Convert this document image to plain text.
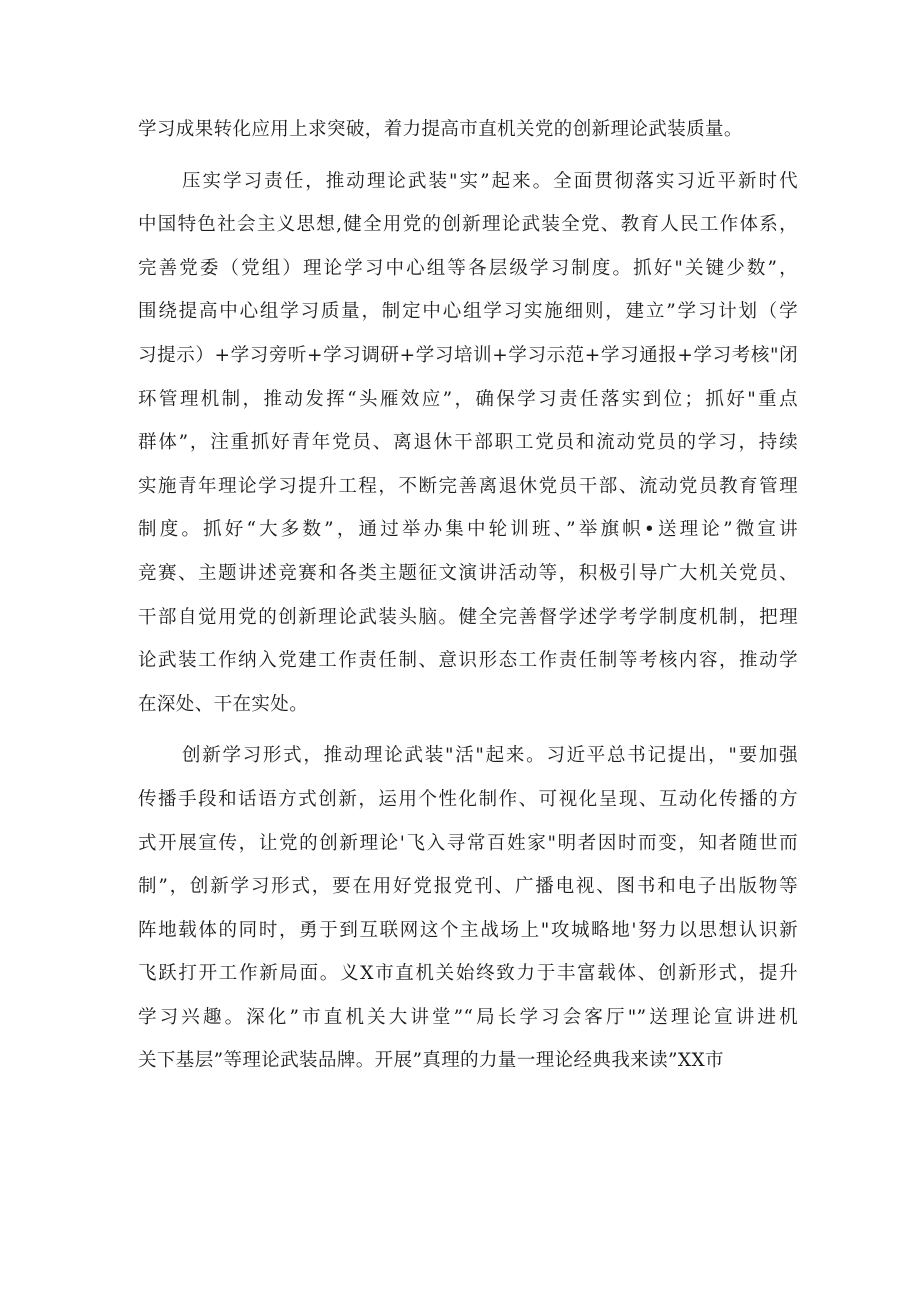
学习成果转化应用上求突破，着力提高市直机关党的创新理论武装质量。
压实学习责任，推动理论武装"实”起来。全面贯彻落实习近平新时代
中国特色社会主义思想,健全用党的创新理论武装全党、教育人民工作体系，
完善党委（党组）理论学习中心组等各层级学习制度。抓好"关键少数”，
围绕提高中心组学习质量，制定中心组学习实施细则，建立”学习计划（学
习提示）+学习旁听+学习调研+学习培训+学习示范+学习通报+学习考核"闭
环管理机制，推动发挥“头雁效应”，确保学习责任落实到位；抓好"重点
群体”，注重抓好青年党员、离退休干部职工党员和流动党员的学习，持续
实施青年理论学习提升工程，不断完善离退休党员干部、流动党员教育管理
制度。抓好“大多数”，通过举办集中轮训班、”举旗帜•送理论”微宣讲
竞赛、主题讲述竞赛和各类主题征文演讲活动等，积极引导广大机关党员、
干部自觉用党的创新理论武装头脑。健全完善督学述学考学制度机制，把理
论武装工作纳入党建工作责任制、意识形态工作责任制等考核内容，推动学
在深处、干在实处。
创新学习形式，推动理论武装"活"起来。习近平总书记提出，"要加强
传播手段和话语方式创新，运用个性化制作、可视化呈现、互动化传播的方
式开展宣传，让党的创新理论'飞入寻常百姓家"明者因时而变，知者随世而
制”，创新学习形式，要在用好党报党刊、广播电视、图书和电子出版物等
阵地载体的同时，勇于到互联网这个主战场上"攻城略地'努力以思想认识新
飞跃打开工作新局面。义X市直机关始终致力于丰富载体、创新形式，提升
学习兴趣。深化”市直机关大讲堂”“局长学习会客厅"”送理论宣讲进机
关下基层”等理论武装品牌。开展”真理的力量一理论经典我来读”XX市
